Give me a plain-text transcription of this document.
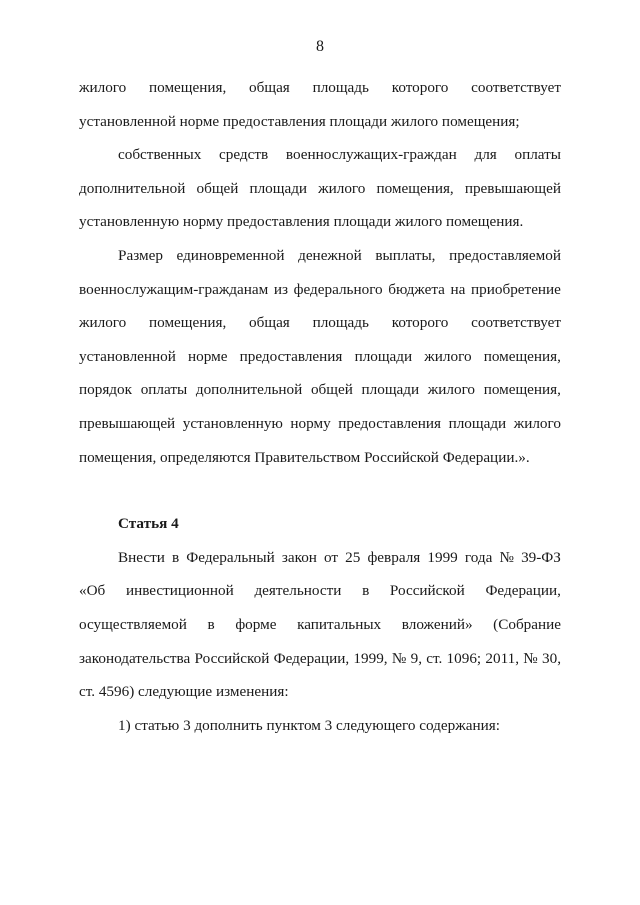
8
жилого помещения, общая площадь которого соответствует
установленной норме предоставления площади жилого помещения;
собственных средств военнослужащих-граждан для оплаты
дополнительной общей площади жилого помещения, превышающей
установленную норму предоставления площади жилого помещения.
Размер единовременной денежной выплаты, предоставляемой
военнослужащим-гражданам из федерального бюджета на приобретение
жилого помещения, общая площадь которого соответствует
установленной норме предоставления площади жилого помещения,
порядок оплаты дополнительной общей площади жилого помещения,
превышающей установленную норму предоставления площади жилого
помещения, определяются Правительством Российской Федерации.».
Статья 4
Внести в Федеральный закон от 25 февраля 1999 года № 39-ФЗ
«Об инвестиционной деятельности в Российской Федерации,
осуществляемой в форме капитальных вложений» (Собрание
законодательства Российской Федерации, 1999, № 9, ст. 1096; 2011, № 30,
ст. 4596) следующие изменения:
1) статью 3 дополнить пунктом 3 следующего содержания:
